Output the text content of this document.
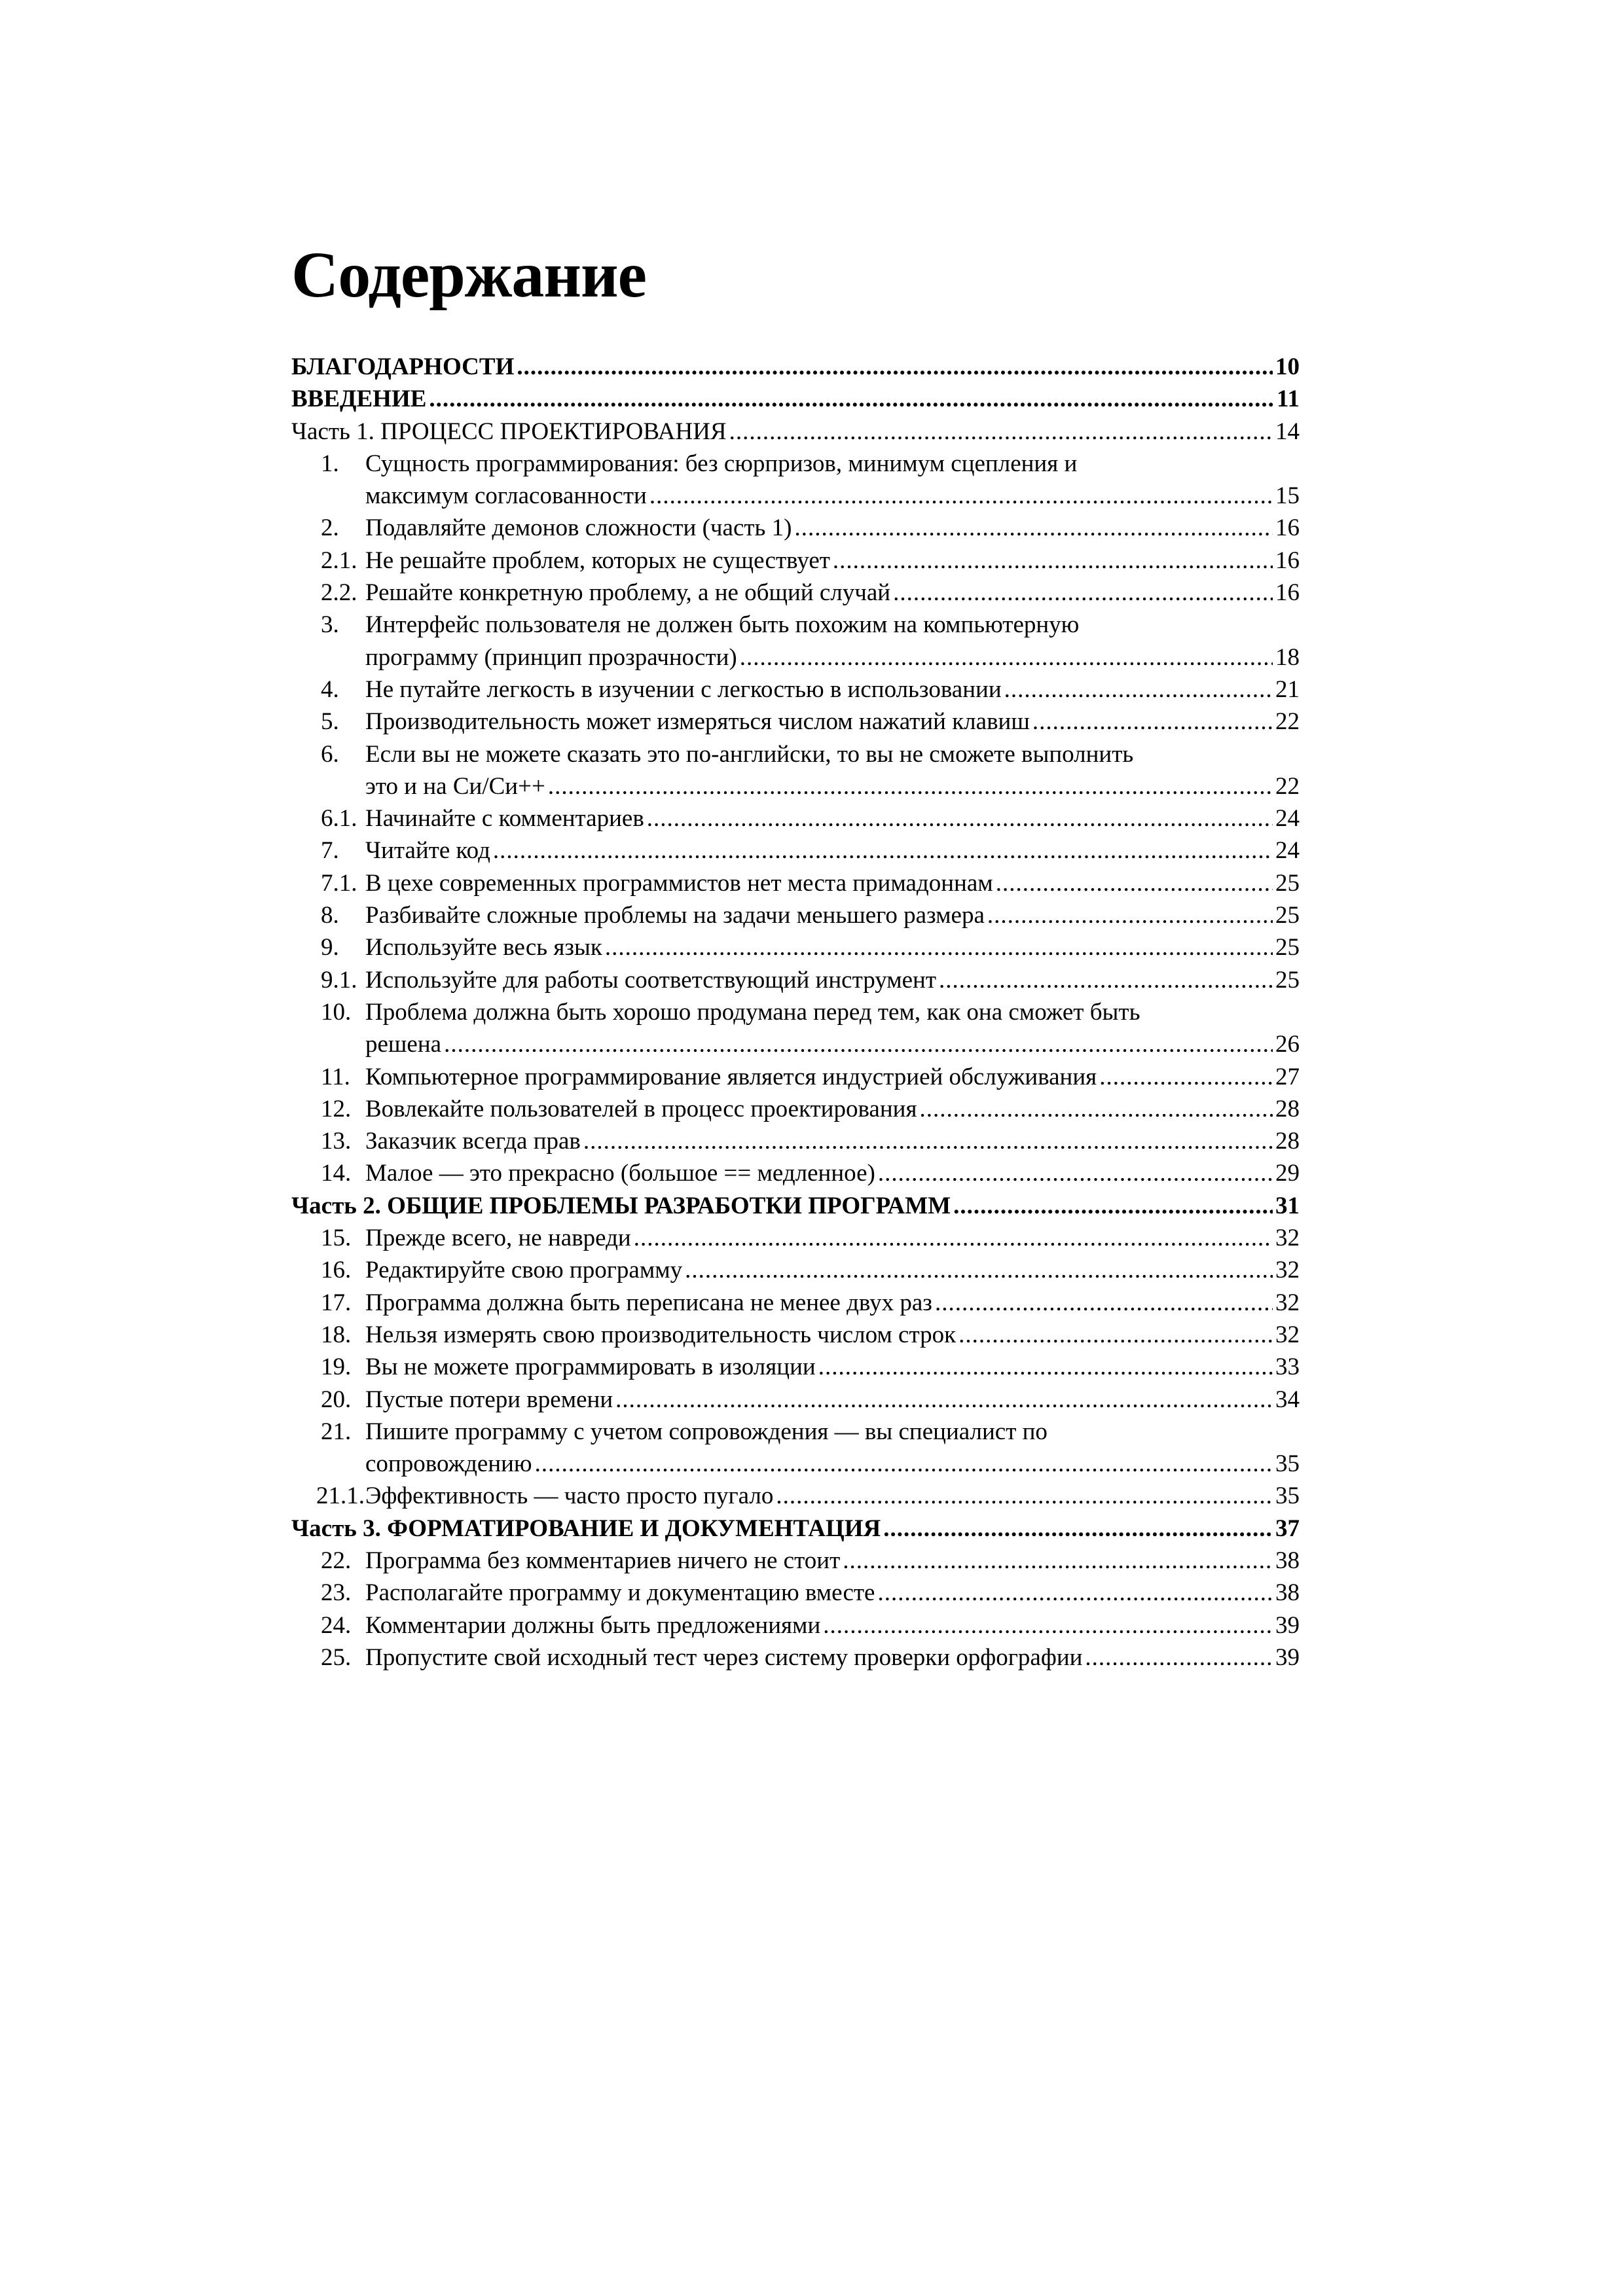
Содержание
БЛАГОДАРНОСТИ .....	10
ВВЕДЕНИЕ .....	11
Часть 1. ПРОЦЕСС ПРОЕКТИРОВАНИЯ .....	14
1. Сущность программирования: без сюрпризов, минимум сцепления и
максимум согласованности .....	15
2. Подавляйте демонов сложности (часть 1) .....	16
2.1. Не решайте проблем, которых не существует .....	16
2.2. Решайте конкретную проблему, а не общий случай .....	16
3. Интерфейс пользователя не должен быть похожим на компьютерную
программу (принцип прозрачности) .....	18
4. Не путайте легкость в изучении с легкостью в использовании .....	21
5. Производительность может измеряться числом нажатий клавиш .....	22
6. Если вы не можете сказать это по-английски, то вы не сможете выполнить
это и на Си/Си++ .....	22
6.1. Начинайте с комментариев .....	24
7. Читайте код .....	24
7.1. В цехе современных программистов нет места примадоннам .....	25
8. Разбивайте сложные проблемы на задачи меньшего размера .....	25
9. Используйте весь язык .....	25
9.1. Используйте для работы соответствующий инструмент .....	25
10. Проблема должна быть хорошо продумана перед тем, как она сможет быть
решена .....	26
11. Компьютерное программирование является индустрией обслуживания .....	27
12. Вовлекайте пользователей в процесс проектирования .....	28
13. Заказчик всегда прав .....	28
14. Малое — это прекрасно (большое == медленное) .....	29
Часть 2. ОБЩИЕ ПРОБЛЕМЫ РАЗРАБОТКИ ПРОГРАММ .....	31
15. Прежде всего, не навреди .....	32
16. Редактируйте свою программу .....	32
17. Программа должна быть переписана не менее двух раз .....	32
18. Нельзя измерять свою производительность числом строк .....	32
19. Вы не можете программировать в изоляции .....	33
20. Пустые потери времени .....	34
21. Пишите программу с учетом сопровождения — вы специалист по
сопровождению .....	35
21.1. Эффективность — часто просто пугало .....	35
Часть 3. ФОРМАТИРОВАНИЕ И ДОКУМЕНТАЦИЯ .....	37
22. Программа без комментариев ничего не стоит .....	38
23. Располагайте программу и документацию вместе .....	38
24. Комментарии должны быть предложениями .....	39
25. Пропустите свой исходный тест через систему проверки орфографии .....	39
